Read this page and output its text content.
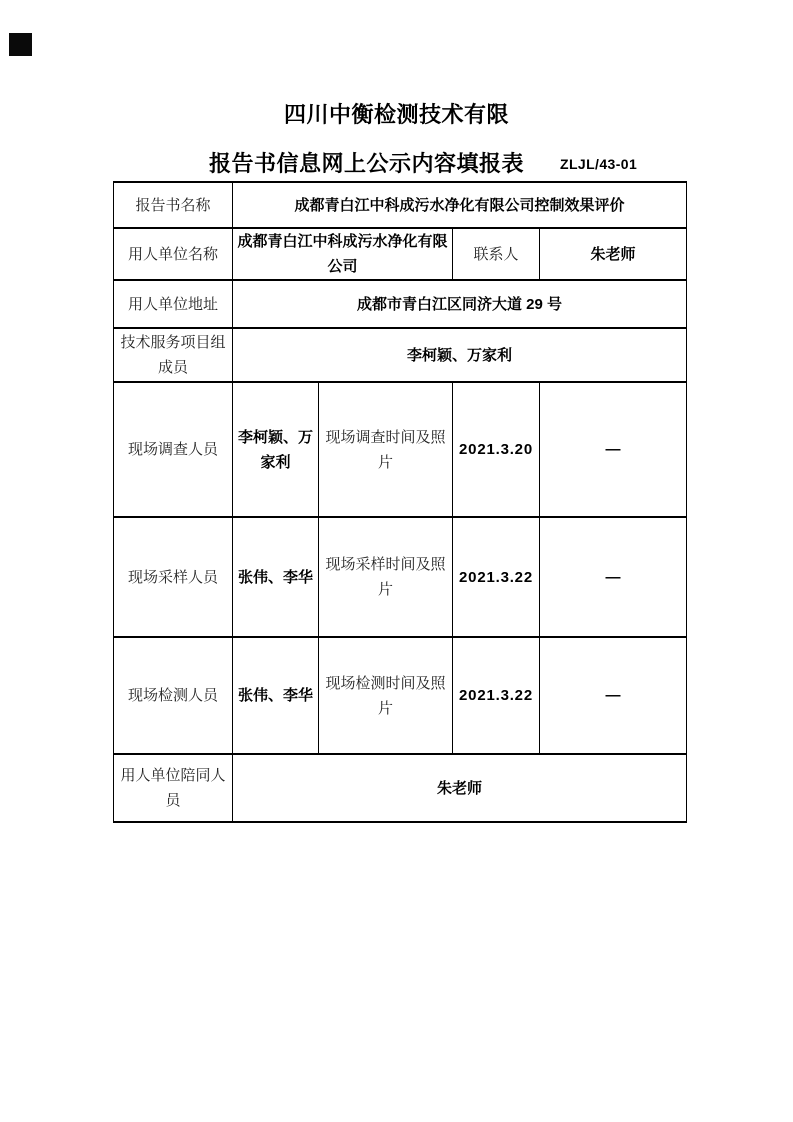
四川中衡检测技术有限
报告书信息网上公示内容填报表	ZLJL/43-01
报告书名称	成都青白江中科成污水净化有限公司控制效果评价			
用人单位名称	成都青白江中科成污水净化有限公司		联系人	朱老师
用人单位地址	成都市青白江区同济大道 29 号			
技术服务项目组成员	李柯颖、万家利			
现场调查人员	李柯颖、万家利	现场调查时间及照片	2021.3.20	—
现场采样人员	张伟、李华	现场采样时间及照片	2021.3.22	—
现场检测人员	张伟、李华	现场检测时间及照片	2021.3.22	—
用人单位陪同人员	朱老师			
